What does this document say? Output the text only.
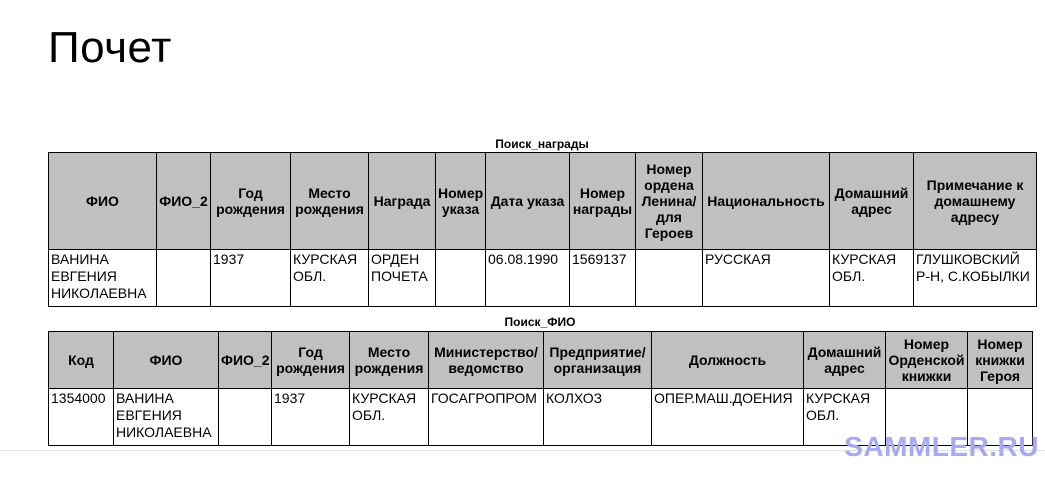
Почет
Поиск_награды
ФИО	ФИО_2	Год рождения	Место рождения	Награда	Номер указа	Дата указа	Номер награды	Номер ордена Ленина/ для Героев	Национальность	Домашний адрес	Примечание к домашнему адресу
ВАНИНА ЕВГЕНИЯ НИКОЛАЕВНА		1937	КУРСКАЯ ОБЛ.	ОРДЕН ПОЧЕТА		06.08.1990	1569137		РУССКАЯ	КУРСКАЯ ОБЛ.	ГЛУШКОВСКИЙ Р-Н, С.КОБЫЛКИ
Поиск_ФИО
Код	ФИО	ФИО_2	Год рождения	Место рождения	Министерство/ ведомство	Предприятие/ организация	Должность	Домашний адрес	Номер Орденской книжки	Номер книжки Героя
1354000	ВАНИНА ЕВГЕНИЯ НИКОЛАЕВНА		1937	КУРСКАЯ ОБЛ.	ГОСАГРОПРОМ	КОЛХОЗ	ОПЕР.МАШ.ДОЕНИЯ	КУРСКАЯ ОБЛ.		
SAMMLER.RU
